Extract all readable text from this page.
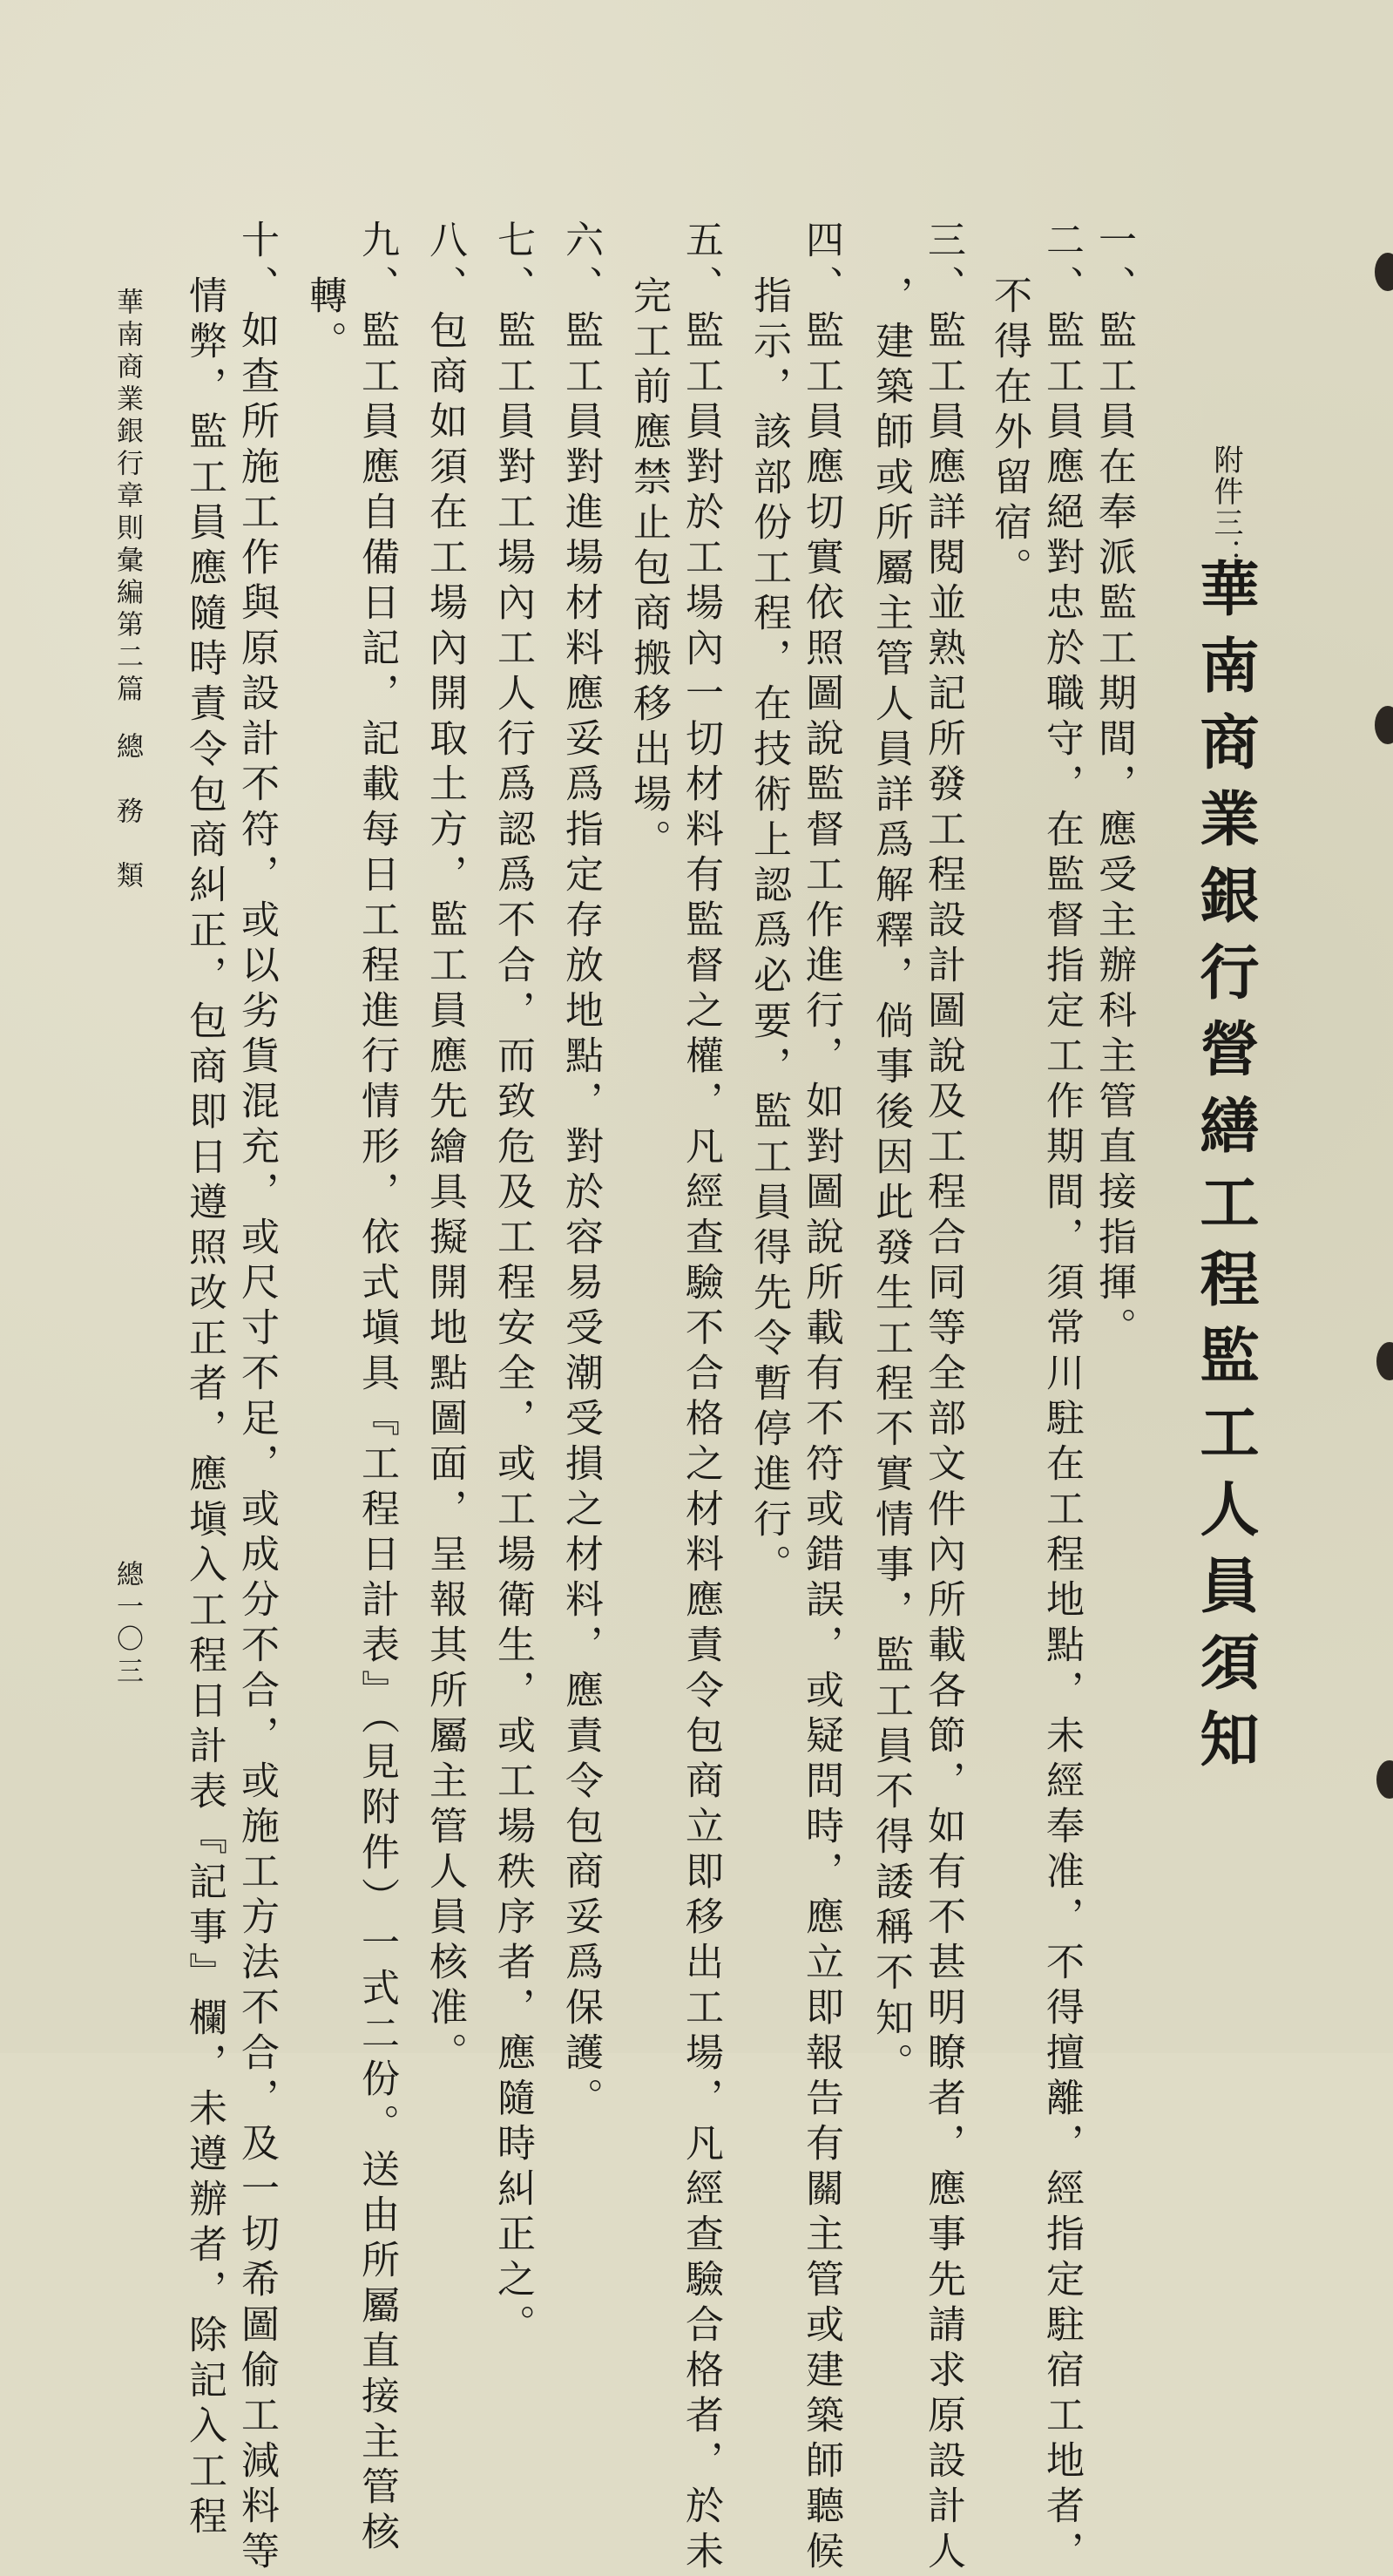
附件三：
華南商業銀行營繕工程監工人員須知
一、監工員在奉派監工期間，應受主辦科主管直接指揮。
二、監工員應絕對忠於職守，在監督指定工作期間，須常川駐在工程地點，未經奉准，不得擅離，經指定駐宿工地者，
不得在外留宿。
三、監工員應詳閱並熟記所發工程設計圖說及工程合同等全部文件內所載各節，如有不甚明瞭者，應事先請求原設計人
，建築師或所屬主管人員詳爲解釋，倘事後因此發生工程不實情事，監工員不得諉稱不知。
四、監工員應切實依照圖說監督工作進行，如對圖說所載有不符或錯誤，或疑問時，應立即報告有關主管或建築師聽候
指示，該部份工程，在技術上認爲必要，監工員得先令暫停進行。
五、監工員對於工場內一切材料有監督之權，凡經查驗不合格之材料應責令包商立即移出工場，凡經查驗合格者，於未
完工前應禁止包商搬移出場。
六、監工員對進場材料應妥爲指定存放地點，對於容易受潮受損之材料，應責令包商妥爲保護。
七、監工員對工場內工人行爲認爲不合，而致危及工程安全，或工場衛生，或工場秩序者，應隨時糾正之。
八、包商如須在工場內開取土方，監工員應先繪具擬開地點圖面，呈報其所屬主管人員核准。
九、監工員應自備日記，記載每日工程進行情形，依式塡具『工程日計表』（見附件）一式二份。送由所屬直接主管核
轉。
十、如查所施工作與原設計不符，或以劣貨混充，或尺寸不足，或成分不合，或施工方法不合，及一切希圖偷工減料等
情弊，監工員應隨時責令包商糾正，包商即日遵照改正者，應塡入工程日計表『記事』欄，未遵辦者，除記入工程
華南商業銀行章則彙編
第二篇
總　務　類
總一〇三
